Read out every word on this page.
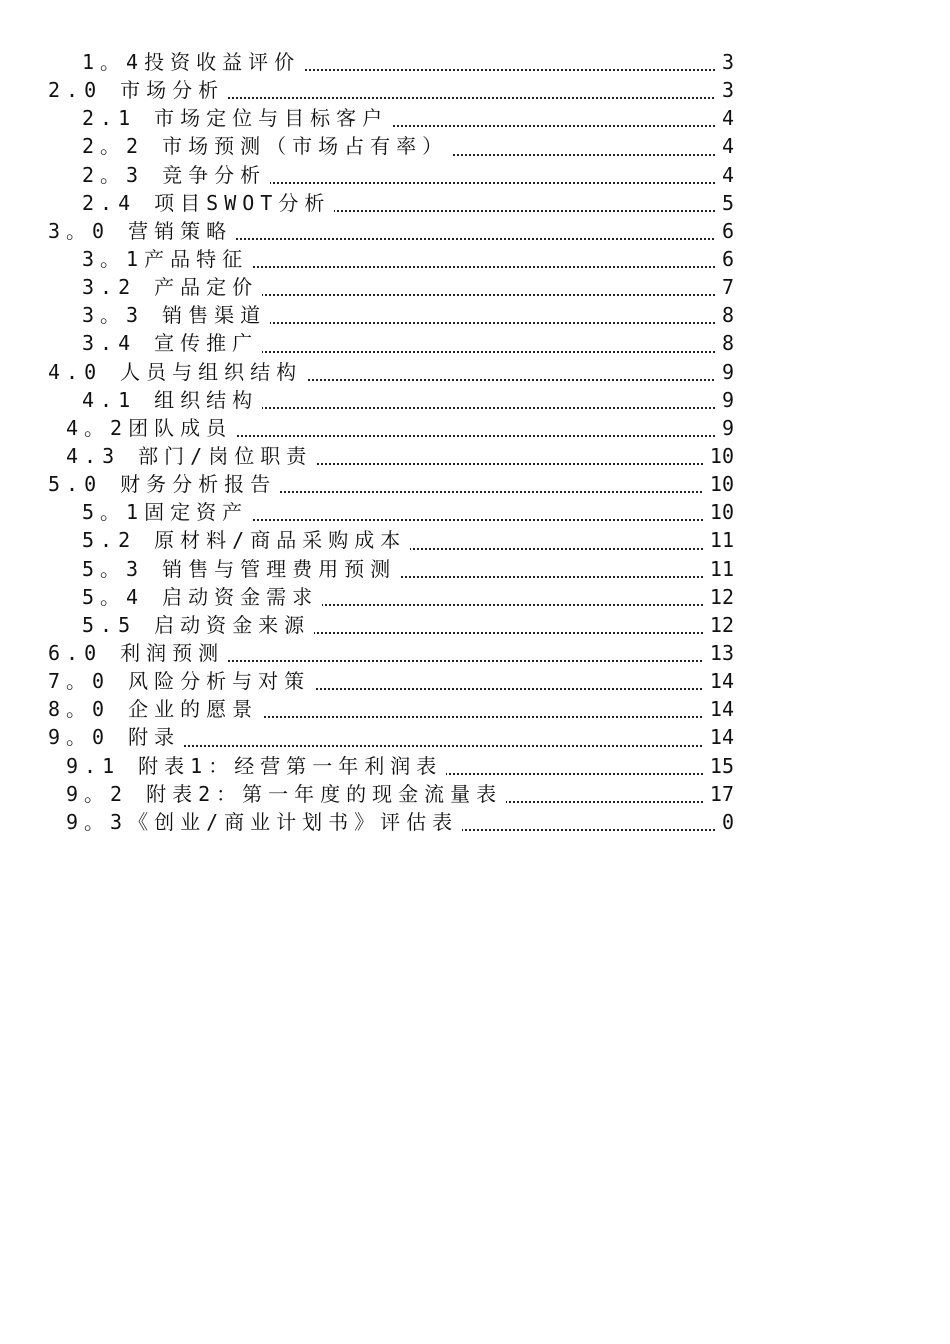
1。4投资收益评价	3
2.0 市场分析	3
2.1 市场定位与目标客户	4
2。2 市场预测（市场占有率）	4
2。3 竞争分析	4
2.4 项目SWOT分析	5
3。0 营销策略	6
3。1产品特征	6
3.2 产品定价	7
3。3 销售渠道	8
3.4 宣传推广	8
4.0 人员与组织结构	9
4.1 组织结构	9
4。2团队成员	9
4.3 部门/岗位职责	10
5.0 财务分析报告	10
5。1固定资产	10
5.2 原材料/商品采购成本	11
5。3 销售与管理费用预测	11
5。4 启动资金需求	12
5.5 启动资金来源	12
6.0 利润预测	13
7。0 风险分析与对策	14
8。0 企业的愿景	14
9。0 附录	14
9.1 附表1：经营第一年利润表	15
9。2 附表2：第一年度的现金流量表	17
9。3《创业/商业计划书》评估表	0
